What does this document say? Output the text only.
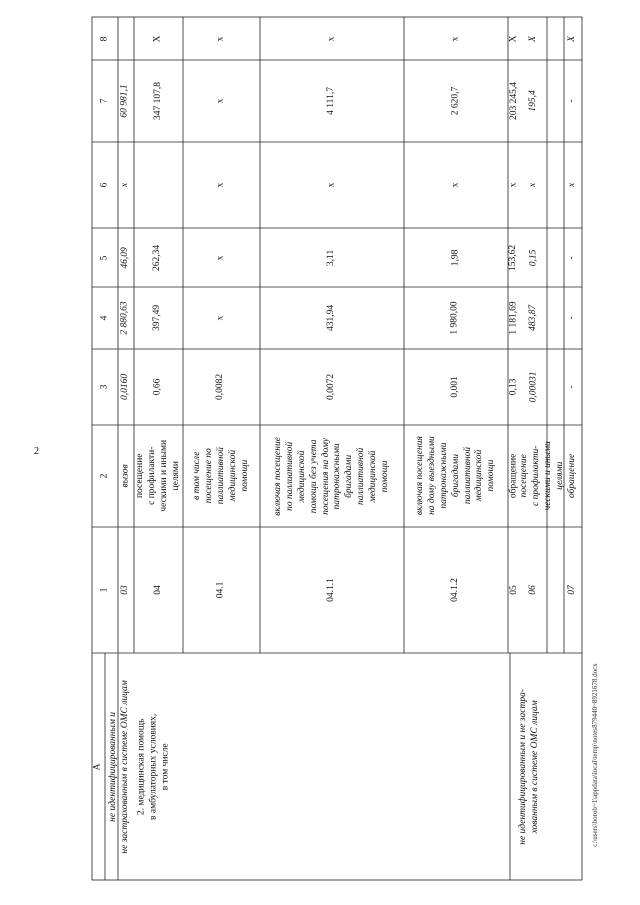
2
А
не идентифицированным и
не застрахованным в системе ОМС лицам
2. медицинская помощь
в амбулаторных условиях,
в том числе
не идентифицированным и не застра-
хованным в системе ОМС лицам
1
2
3
4
5
6
7
8
03
вызов
0,0160
2 880,63
46,09
х
60 981,1
04
посещение
с профилакти-
ческими и иными
целями
0,66
397,49
262,34
347 107,8
Х
04.1
в том числе
посещение по
паллиативной
медицинской
помощи
0,0082
х
х
х
х
х
04.1.1
включая посещение
по паллиативной
медицинской
помощи без учета
посещения на дому
патронажными
бригадами
паллиативной
медицинской
помощи
0,0072
431,94
3,11
х
4 111,7
х
04.1.2
включая посещения
на дому выездными
патронажными
бригадами
паллиативной
медицинской
помощи
0,001
1 980,00
1,98
х
2 620,7
х
05
обращение
0,13
1 181,69
153,62
х
203 245,4
Х
06
посещение
с профилакти-
ческими и иными
целями
0,00031
483,87
0,15
х
195,4
Х
07
обращение
-
-
-
х
-
Х
c:\users\borob~1\appdata\local\temp\notes879440~8921678.docx
